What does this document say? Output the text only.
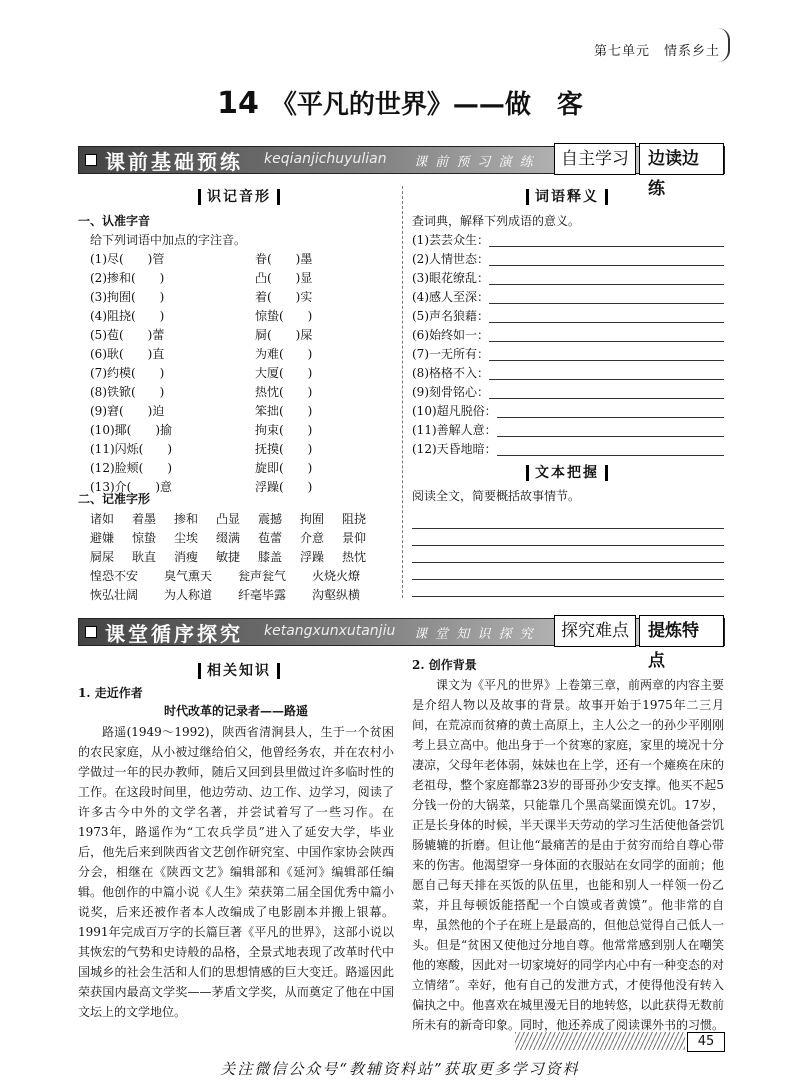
第七单元　情系乡土
14 《平凡的世界》——做　客
课前基础预练 keqianjichuyulian 课 前 预 习 演 练	自主学习	边读边练
识记音形
一、认准字音
给下列词语中加点的字注音。
(1)尽(　　)管	眷(　　)墨
(2)掺和(　　)	凸(　　)显
(3)拘囿(　　)	着(　　)实
(4)阻挠(　　)	惊蛰(　　)
(5)苞(　　)蕾	屙(　　)屎
(6)耿(　　)直	为难(　　)
(7)约模(　　)	大厦(　　)
(8)铁锨(　　)	热忱(　　)
(9)窘(　　)迫	笨拙(　　)
(10)揶(　　)揄	拘束(　　)
(11)闪烁(　　)	抚摸(　　)
(12)脸颊(　　)	旋即(　　)
(13)介(　　)意	浮躁(　　)
二、记准字形
诸如 着墨 掺和 凸显 震撼 拘囿 阻挠
避嫌 惊蛰 尘埃 缀满 苞蕾 介意 景仰
屙屎 耿直 消瘦 敏捷 膝盖 浮躁 热忱
惶恐不安 臭气熏天 瓮声瓮气 火烧火燎
恢弘壮阔 为人称道 纤毫毕露 沟壑纵横
词语释义
查词典，解释下列成语的意义。
(1)芸芸众生：
(2)人情世态：
(3)眼花缭乱：
(4)感人至深：
(5)声名狼藉：
(6)始终如一：
(7)一无所有：
(8)格格不入：
(9)刻骨铭心：
(10)超凡脱俗：
(11)善解人意：
(12)天昏地暗：
文本把握
阅读全文，简要概括故事情节。
课堂循序探究 ketangxunxutanjiu 课 堂 知 识 探 究	探究难点	提炼特点
相关知识
1. 走近作者
时代改革的记录者——路遥
路遥(1949～1992)，陕西省清涧县人，生于一个贫困的农民家庭，从小被过继给伯父，他曾经务农，并在农村小学做过一年的民办教师，随后又回到县里做过许多临时性的工作。在这段时间里，他边劳动、边工作、边学习，阅读了许多古今中外的文学名著，并尝试着写了一些习作。在1973年，路遥作为“工农兵学员”进入了延安大学，毕业后，他先后来到陕西省文艺创作研究室、中国作家协会陕西分会，相继在《陕西文艺》编辑部和《延河》编辑部任编辑。 他创作的中篇小说《人生》荣获第二届全国优秀中篇小说奖，后来还被作者本人改编成了电影剧本并搬上银幕。1991年完成百万字的长篇巨著《平凡的世界》，这部小说以其恢宏的气势和史诗般的品格，全景式地表现了改革时代中国城乡的社会生活和人们的思想情感的巨大变迁。路遥因此荣获国内最高文学奖——茅盾文学奖，从而奠定了他在中国文坛上的文学地位。
2. 创作背景
课文为《平凡的世界》上卷第三章，前两章的内容主要是介绍人物以及故事的背景。故事开始于1975年二三月间，在荒凉而贫瘠的黄土高原上，主人公之一的孙少平刚刚考上县立高中。他出身于一个贫寒的家庭，家里的境况十分凄凉，父母年老体弱，妹妹也在上学，还有一个瘫痪在床的老祖母，整个家庭都靠23岁的哥哥孙少安支撑。他买不起5分钱一份的大锅菜，只能靠几个黑高粱面馍充饥。17岁，正是长身体的时候，半天课半天劳动的学习生活使他备尝饥肠辘辘的折磨。但让他“最痛苦的是由于贫穷而给自尊心带来的伤害。他渴望穿一身体面的衣服站在女同学的面前；他愿自己每天排在买饭的队伍里，也能和别人一样领一份乙菜，并且每顿饭能搭配一个白馍或者黄馍”。他非常的自卑，虽然他的个子在班上是最高的，但他总觉得自己低人一头。但是“贫困又使他过分地自尊。他常常感到别人在嘲笑他的寒酸，因此对一切家境好的同学内心中有一种变态的对立情绪”。幸好，他有自己的发泄方式，才使得他没有转入偏执之中。他喜欢在城里漫无目的地转悠，以此获得无数前所未有的新奇印象。同时，他还养成了阅读课外书的习惯。
45
关注微信公众号“教辅资料站”获取更多学习资料
